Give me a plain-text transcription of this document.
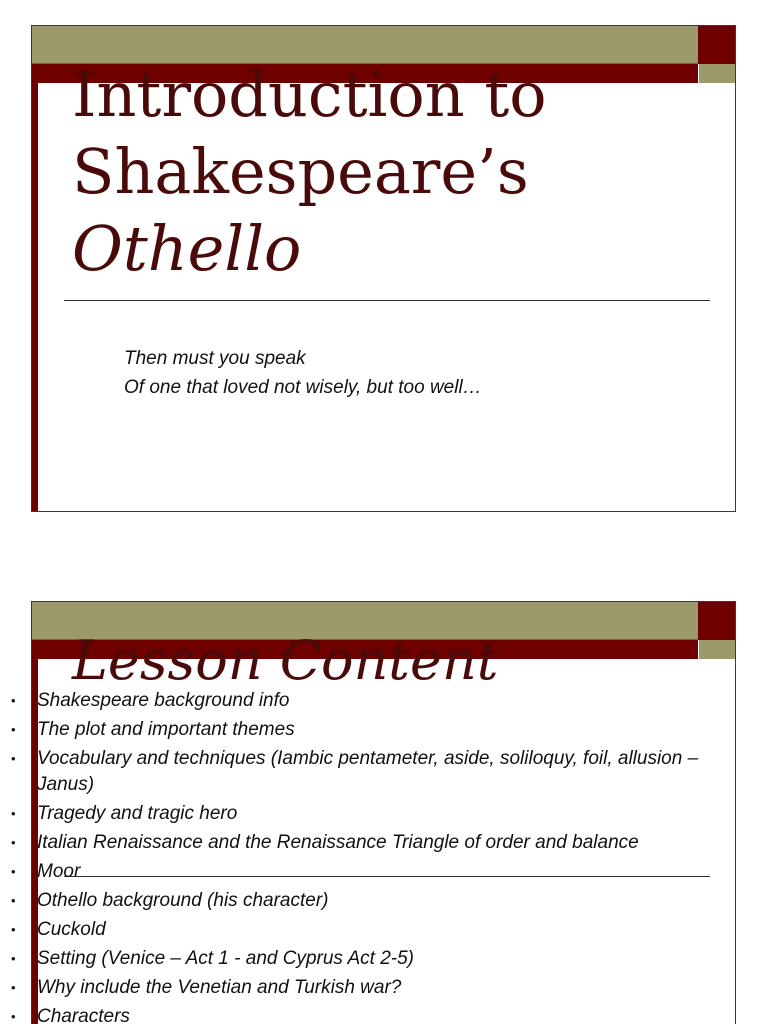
Introduction to
Shakespeare’s
Othello
Then must you speak
Of one that loved not wisely, but too well…
Lesson Content
• Shakespeare background info
• The plot and important themes
• Vocabulary and techniques (Iambic pentameter, aside, soliloquy, foil, allusion – Janus)
• Tragedy and tragic hero
• Italian Renaissance and the Renaissance Triangle of order and balance
• Moor
• Othello background (his character)
• Cuckold
• Setting (Venice – Act 1 - and Cyprus Act 2-5)
• Why include the Venetian and Turkish war?
• Characters
